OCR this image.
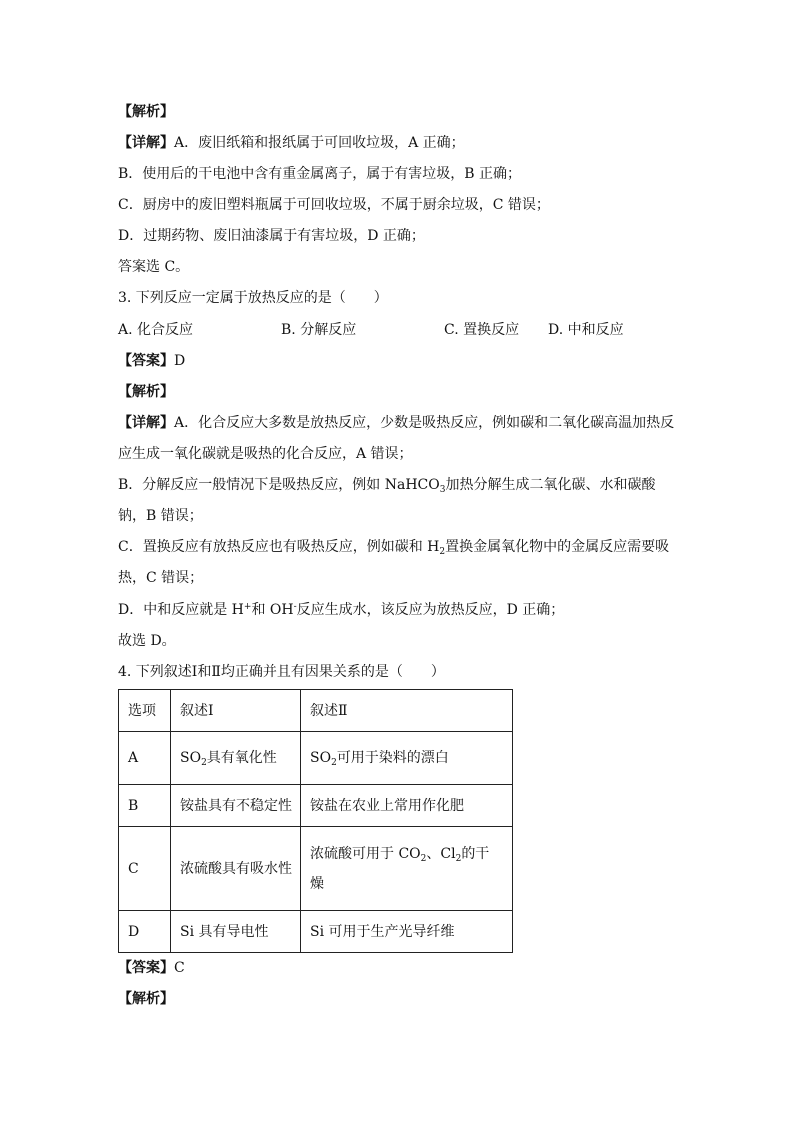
【解析】
【详解】A．废旧纸箱和报纸属于可回收垃圾，A 正确；
B．使用后的干电池中含有重金属离子，属于有害垃圾，B 正确；
C．厨房中的废旧塑料瓶属于可回收垃圾，不属于厨余垃圾，C 错误；
D．过期药物、废旧油漆属于有害垃圾，D 正确；
答案选 C。
3. 下列反应一定属于放热反应的是（　　）
A. 化合反应	B. 分解反应	C. 置换反应 D. 中和反应
【答案】D
【解析】
【详解】A．化合反应大多数是放热反应，少数是吸热反应，例如碳和二氧化碳高温加热反
应生成一氧化碳就是吸热的化合反应，A 错误；
B．分解反应一般情况下是吸热反应，例如 NaHCO$_3$加热分解生成二氧化碳、水和碳酸
钠，B 错误；
C．置换反应有放热反应也有吸热反应，例如碳和 $H_2$置换金属氧化物中的金属反应需要吸
热，C 错误；
D．中和反应就是 H+和 OH-反应生成水，该反应为放热反应，D 正确；
故选 D。
4. 下列叙述Ⅰ和Ⅱ均正确并且有因果关系的是（　　）
选项	叙述Ⅰ	叙述Ⅱ
A	$SO_2$具有氧化性	$SO_2$可用于染料的漂白
B	铵盐具有不稳定性	铵盐在农业上常用作化肥
C	浓硫酸具有吸水性	浓硫酸可用于 $CO_2$、$Cl_2$的干
燥

D	Si 具有导电性	Si 可用于生产光导纤维
【答案】C
【解析】
